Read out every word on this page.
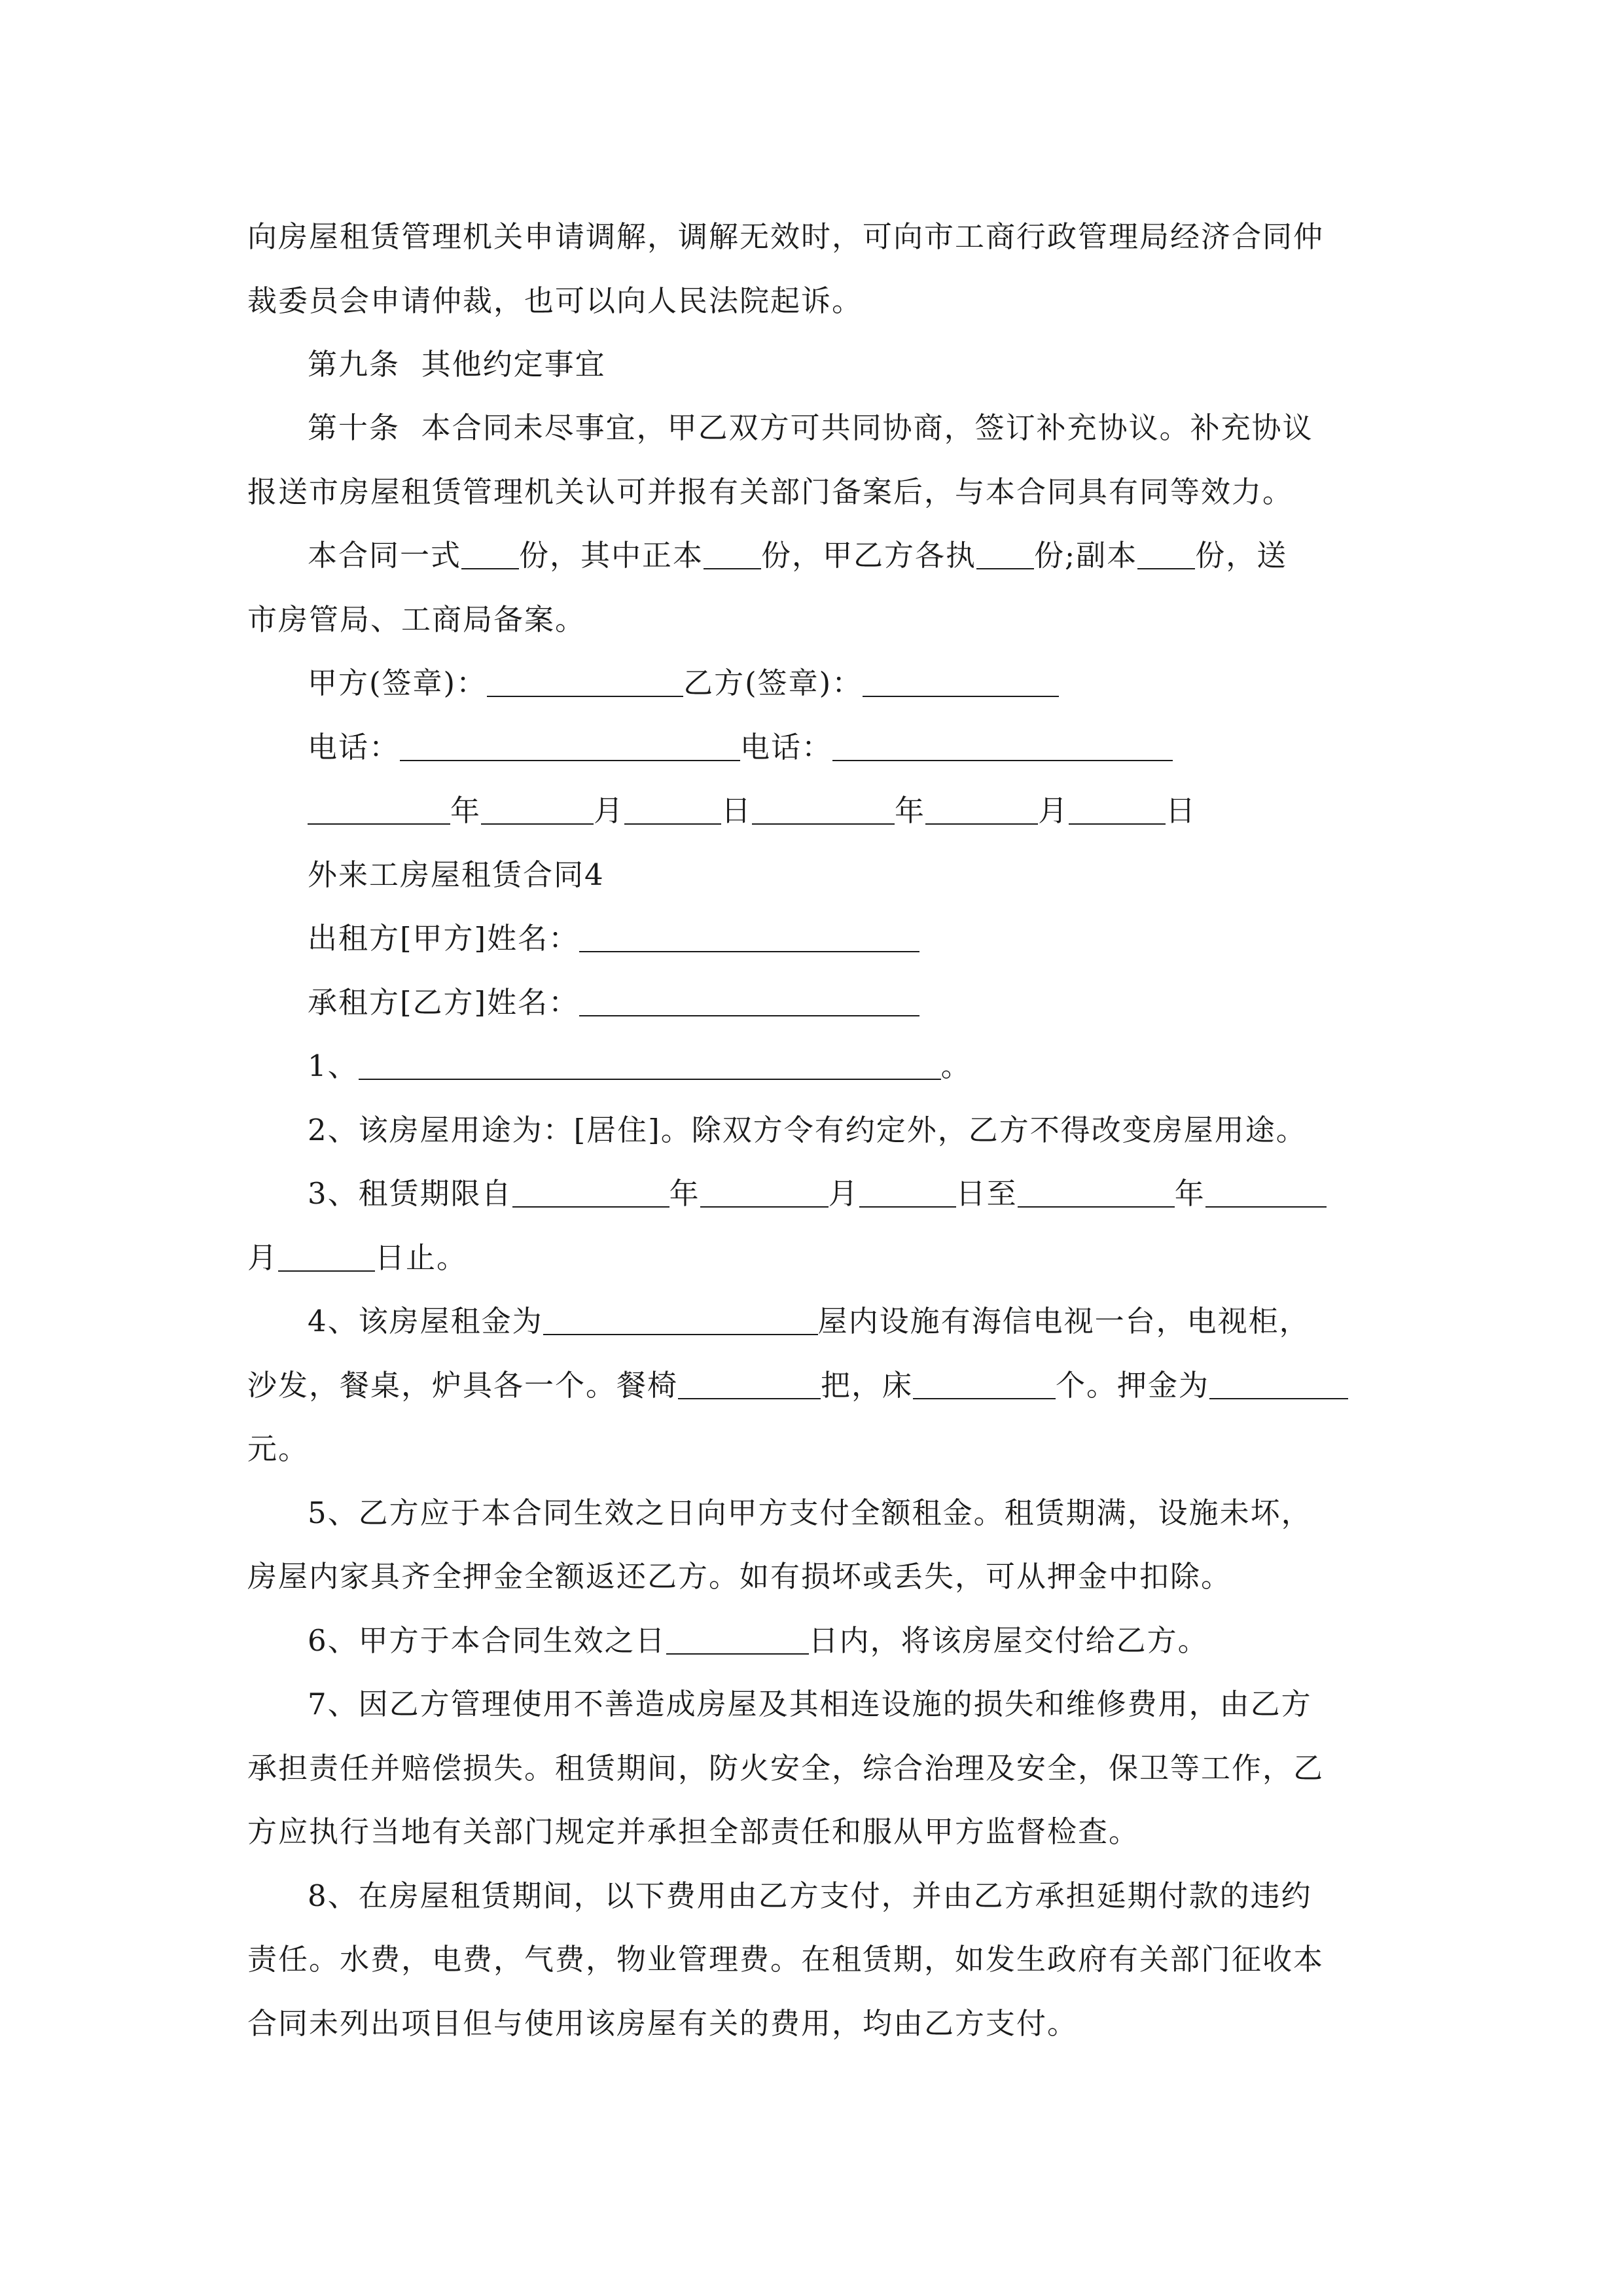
向房屋租赁管理机关申请调解，调解无效时，可向市工商行政管理局经济合同仲
裁委员会申请仲裁，也可以向人民法院起诉。
第九条  其他约定事宜
第十条  本合同未尽事宜，甲乙双方可共同协商，签订补充协议。补充协议
报送市房屋租赁管理机关认可并报有关部门备案后，与本合同具有同等效力。
本合同一式 份，其中正本 份，甲乙方各执 份;副本 份，送
市房管局、工商局备案。
甲方(签章)：	乙方(签章)：
电话：	电话：
年	月	日	年	月	日
外来工房屋租赁合同4
出租方[甲方]姓名：
承租方[乙方]姓名：
1、	。
2、该房屋用途为：[居住]。除双方令有约定外，乙方不得改变房屋用途。
3、租赁期限自	年	月	日至	年
月	日止。
4、该房屋租金为	屋内设施有海信电视一台，电视柜，
沙发，餐桌，炉具各一个。餐椅	把，床	个。押金为
元。
5、乙方应于本合同生效之日向甲方支付全额租金。租赁期满，设施未坏，
房屋内家具齐全押金全额返还乙方。如有损坏或丢失，可从押金中扣除。
6、甲方于本合同生效之日	日内，将该房屋交付给乙方。
7、因乙方管理使用不善造成房屋及其相连设施的损失和维修费用，由乙方
承担责任并赔偿损失。租赁期间，防火安全，综合治理及安全，保卫等工作，乙
方应执行当地有关部门规定并承担全部责任和服从甲方监督检查。
8、在房屋租赁期间，以下费用由乙方支付，并由乙方承担延期付款的违约
责任。水费，电费，气费，物业管理费。在租赁期，如发生政府有关部门征收本
合同未列出项目但与使用该房屋有关的费用，均由乙方支付。
